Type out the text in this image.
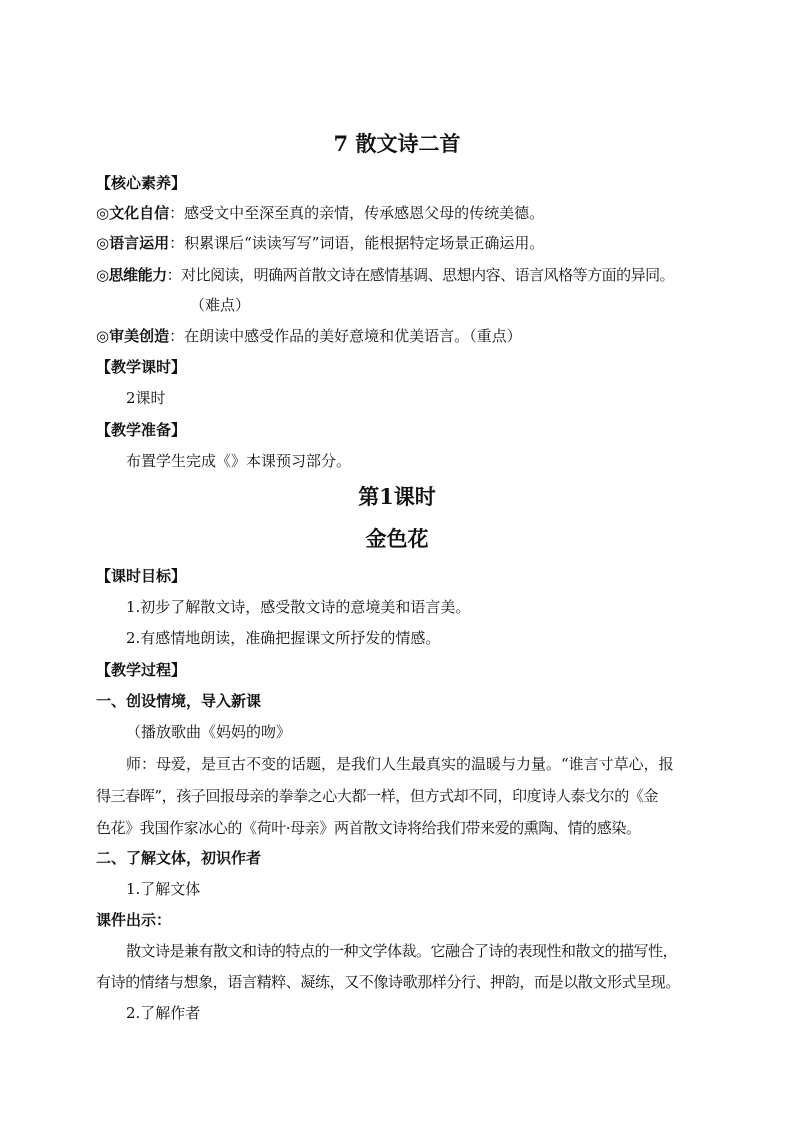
7 散文诗二首
【核心素养】
◎文化自信：感受文中至深至真的亲情，传承感恩父母的传统美德。
◎语言运用：积累课后“读读写写”词语，能根据特定场景正确运用。
◎思维能力：对比阅读，明确两首散文诗在感情基调、思想内容、语言风格等方面的异同。
（难点）
◎审美创造：在朗读中感受作品的美好意境和优美语言。（重点）
【教学课时】
2课时
【教学准备】
布置学生完成《》本课预习部分。
第1课时
金色花
【课时目标】
1.初步了解散文诗，感受散文诗的意境美和语言美。
2.有感情地朗读，准确把握课文所抒发的情感。
【教学过程】
一、创设情境，导入新课
（播放歌曲《妈妈的吻》
师：母爱，是亘古不变的话题，是我们人生最真实的温暖与力量。“谁言寸草心，报
得三春晖”，孩子回报母亲的拳拳之心大都一样，但方式却不同，印度诗人泰戈尔的《金
色花》我国作家冰心的《荷叶·母亲》两首散文诗将给我们带来爱的熏陶、情的感染。
二、了解文体，初识作者
1.了解文体
课件出示：
散文诗是兼有散文和诗的特点的一种文学体裁。它融合了诗的表现性和散文的描写性，
有诗的情绪与想象，语言精粹、凝练，又不像诗歌那样分行、押韵，而是以散文形式呈现。
2.了解作者
